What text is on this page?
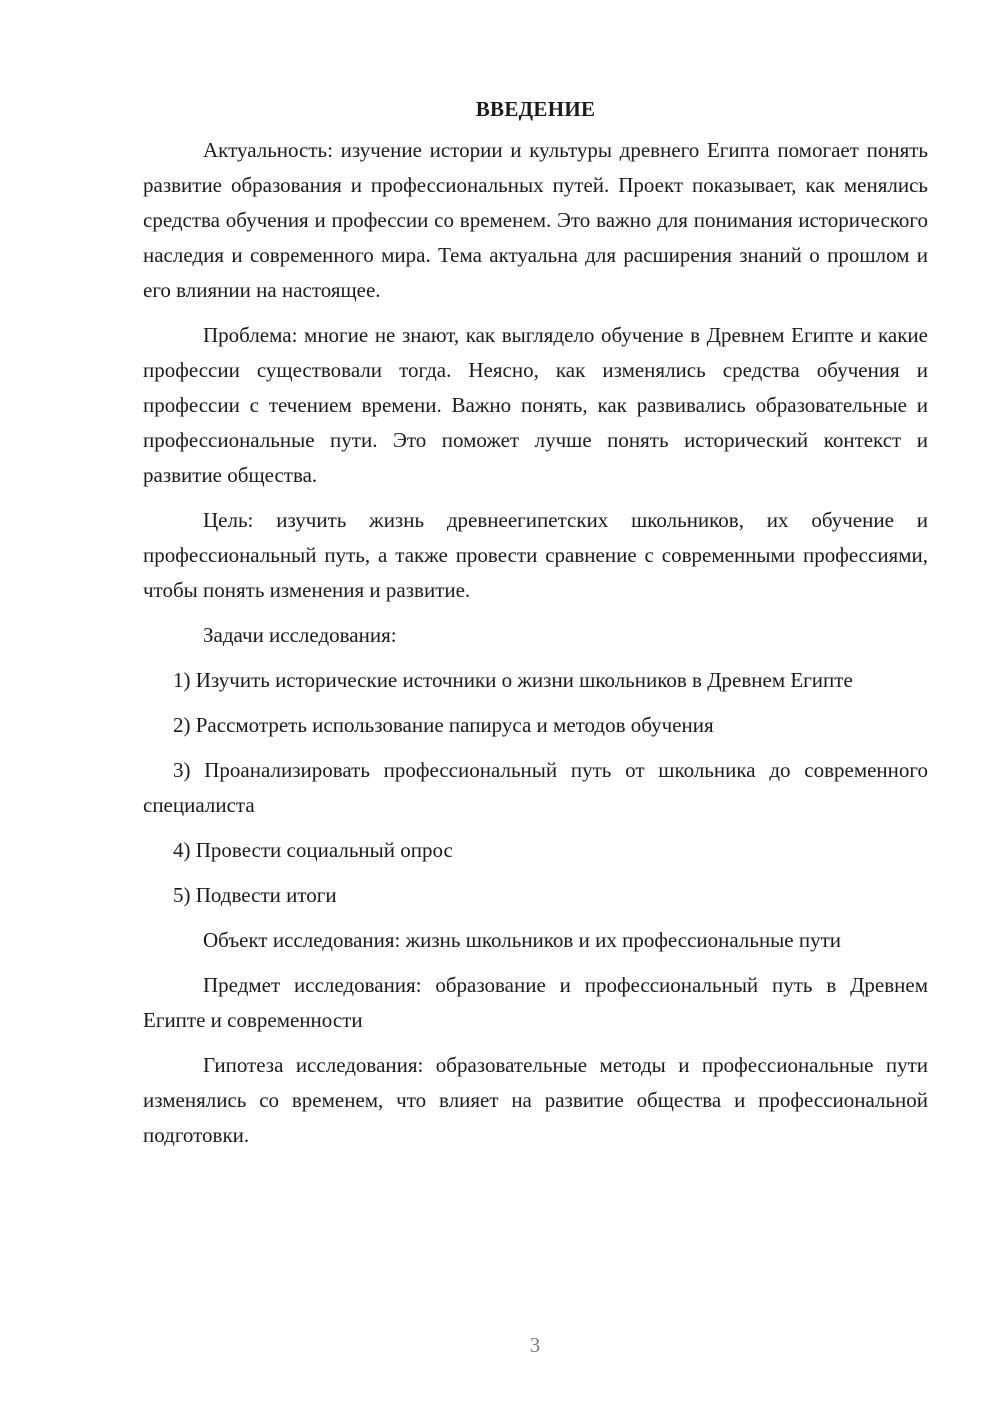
ВВЕДЕНИЕ

Актуальность: изучение истории и культуры древнего Египта помогает понять развитие образования и профессиональных путей. Проект показывает, как менялись средства обучения и профессии со временем. Это важно для понимания исторического наследия и современного мира. Тема актуальна для расширения знаний о прошлом и его влиянии на настоящее.

Проблема: многие не знают, как выглядело обучение в Древнем Египте и какие профессии существовали тогда. Неясно, как изменялись средства обучения и профессии с течением времени. Важно понять, как развивались образовательные и профессиональные пути. Это поможет лучше понять исторический контекст и развитие общества.

Цель: изучить жизнь древнеегипетских школьников, их обучение и профессиональный путь, а также провести сравнение с современными профессиями, чтобы понять изменения и развитие.

Задачи исследования:

1) Изучить исторические источники о жизни школьников в Древнем Египте

2) Рассмотреть использование папируса и методов обучения

3) Проанализировать профессиональный путь от школьника до современного специалиста

4) Провести социальный опрос

5) Подвести итоги

Объект исследования: жизнь школьников и их профессиональные пути

Предмет исследования: образование и профессиональный путь в Древнем Египте и современности

Гипотеза исследования: образовательные методы и профессиональные пути изменялись со временем, что влияет на развитие общества и профессиональной подготовки.

3
